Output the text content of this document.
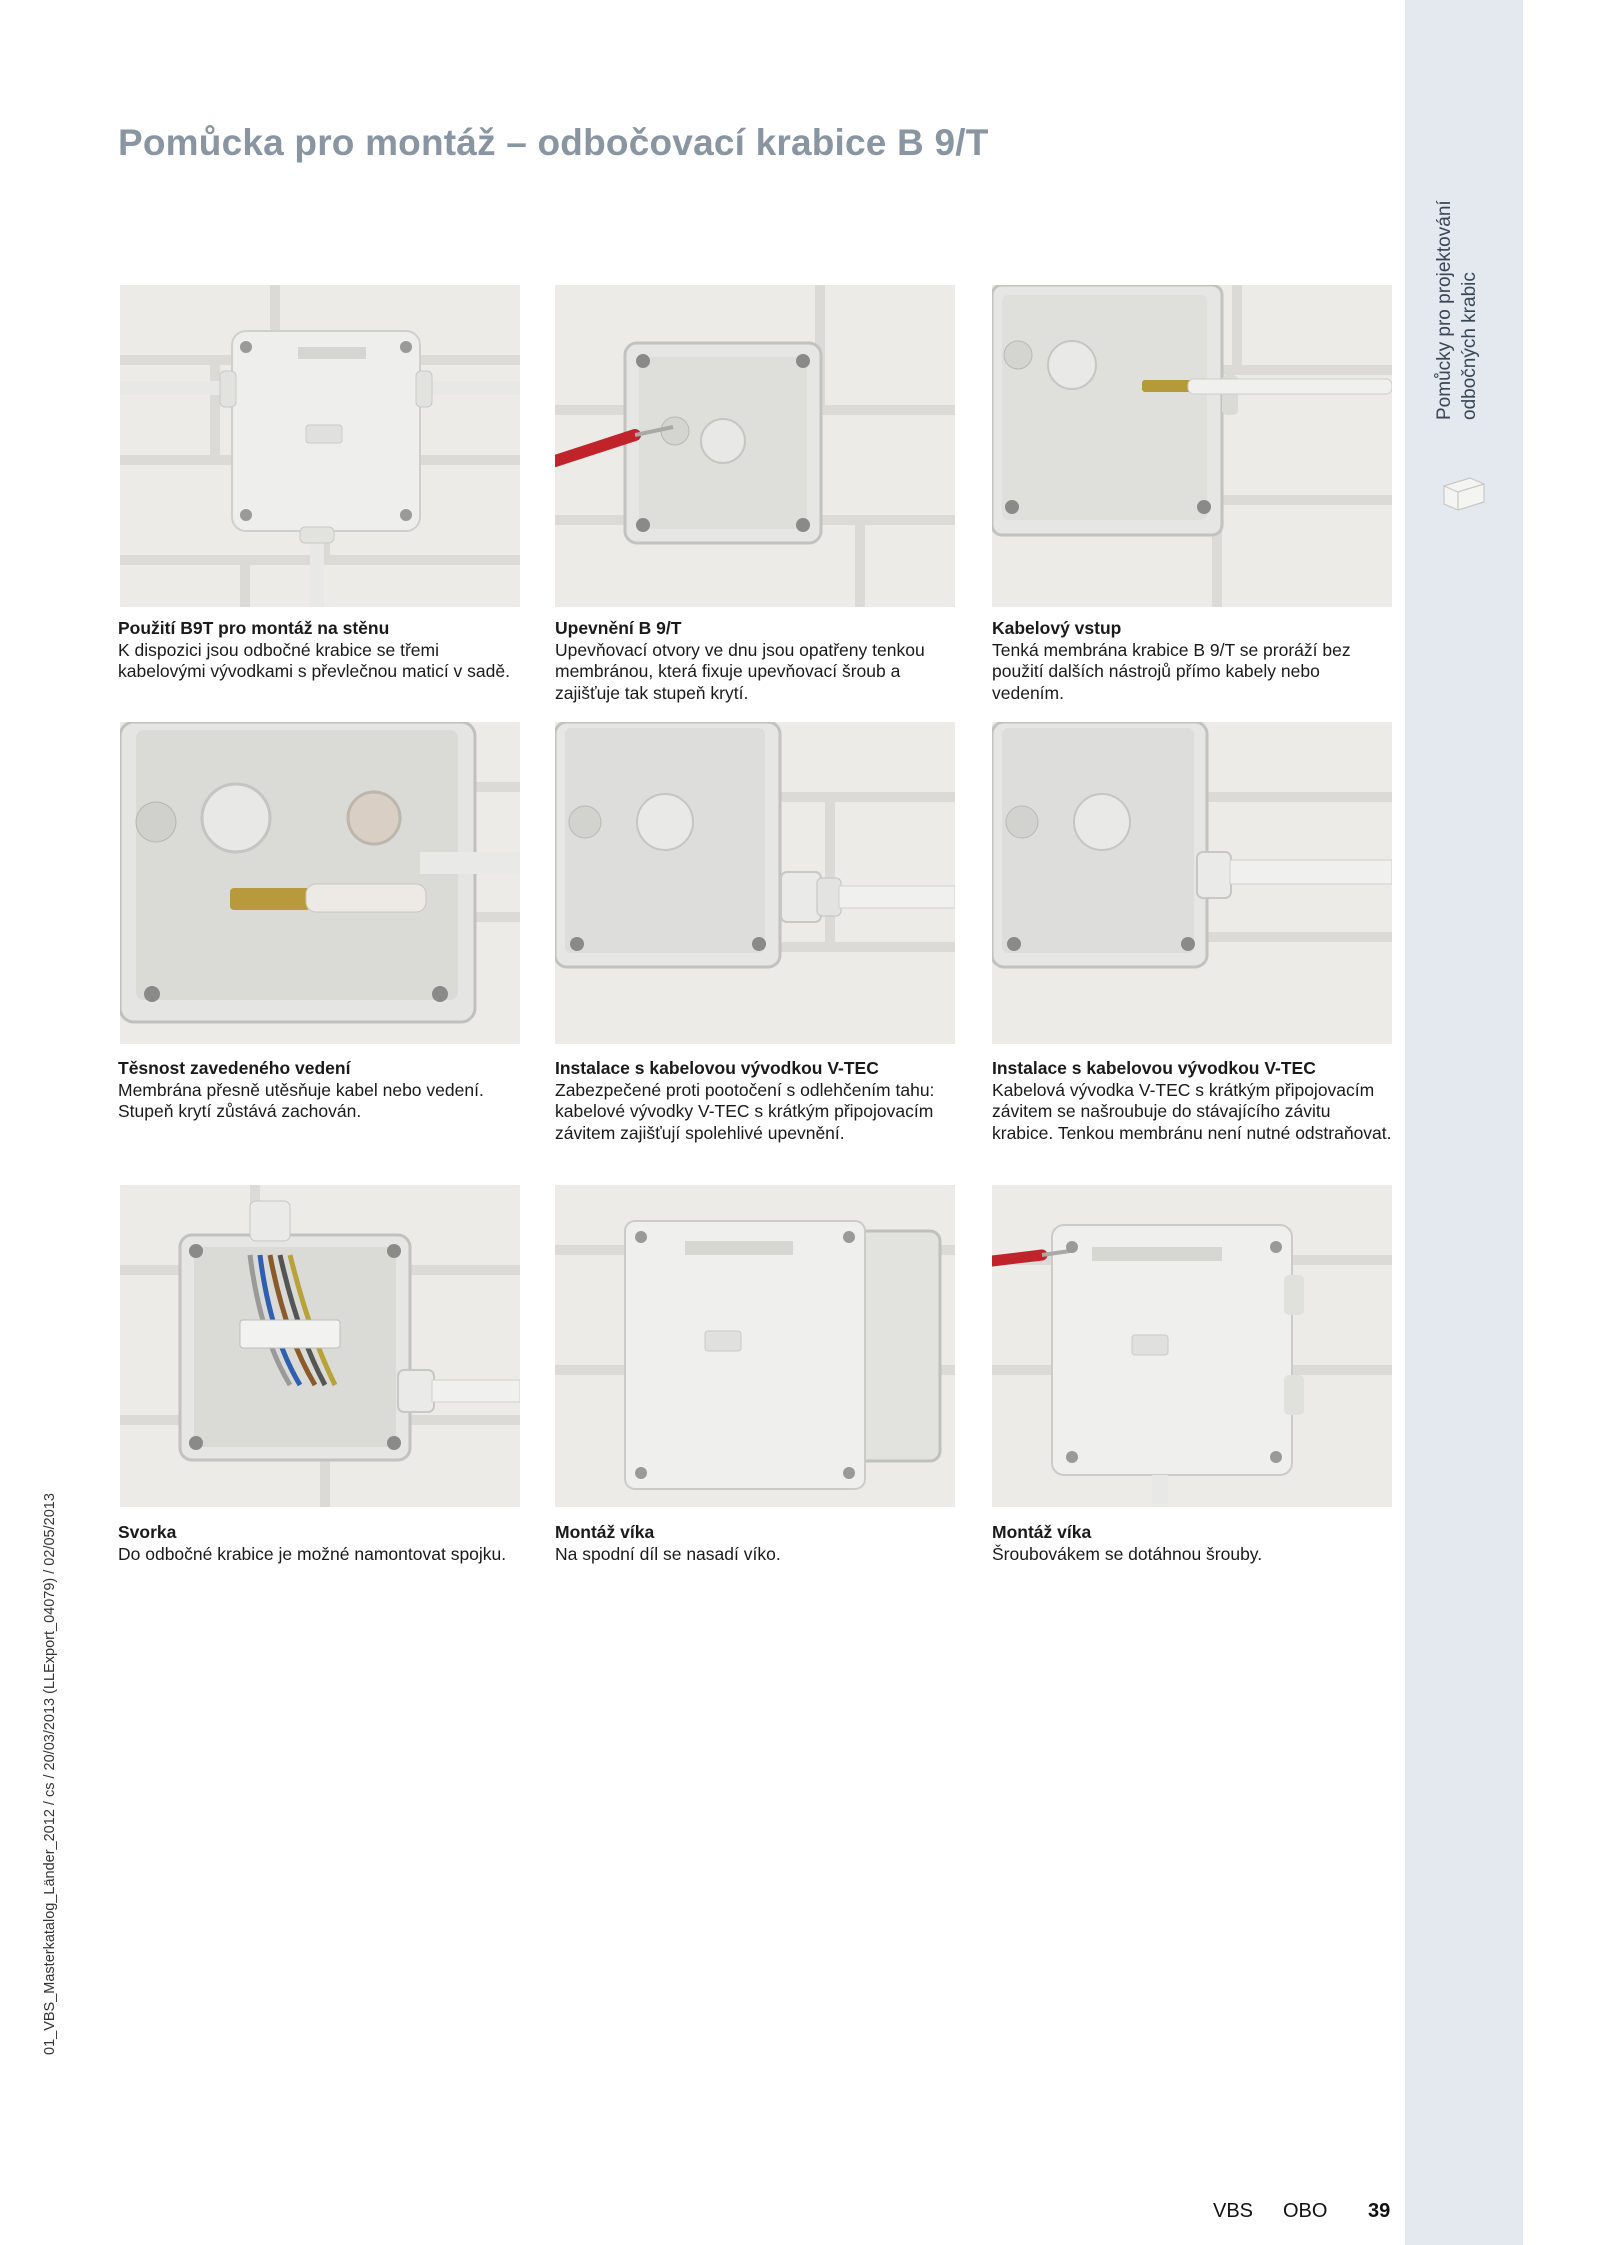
Pomůcky pro projektování odbočných krabic
Pomůcka pro montáž – odbočovací krabice B 9/T
Použití B9T pro montáž na stěnu
K dispozici jsou odbočné krabice se třemi kabelovými vývodkami s převlečnou maticí v sadě.
Upevnění B 9/T
Upevňovací otvory ve dnu jsou opatřeny tenkou membránou, která fixuje upevňovací šroub a zajišťuje tak stupeň krytí.
Kabelový vstup
Tenká membrána krabice B 9/T se proráží bez použití dalších nástrojů přímo kabely nebo vedením.
Těsnost zavedeného vedení
Membrána přesně utěsňuje kabel nebo vedení. Stupeň krytí zůstává zachován.
Instalace s kabelovou vývodkou V-TEC
Zabezpečené proti pootočení s odlehčením tahu: kabelové vývodky V-TEC s krátkým připojovacím závitem zajišťují spolehlivé upevnění.
Instalace s kabelovou vývodkou V-TEC
Kabelová vývodka V-TEC s krátkým připojovacím závitem se našroubuje do stávajícího závitu krabice. Tenkou membránu není nutné odstraňovat.
Svorka
Do odbočné krabice je možné namontovat spojku.
Montáž víka
Na spodní díl se nasadí víko.
Montáž víka
Šroubovákem se dotáhnou šrouby.
01_VBS_Masterkatalog_Länder_2012 / cs / 20/03/2013 (LLExport_04079) / 02/05/2013
VBS OBO 39
